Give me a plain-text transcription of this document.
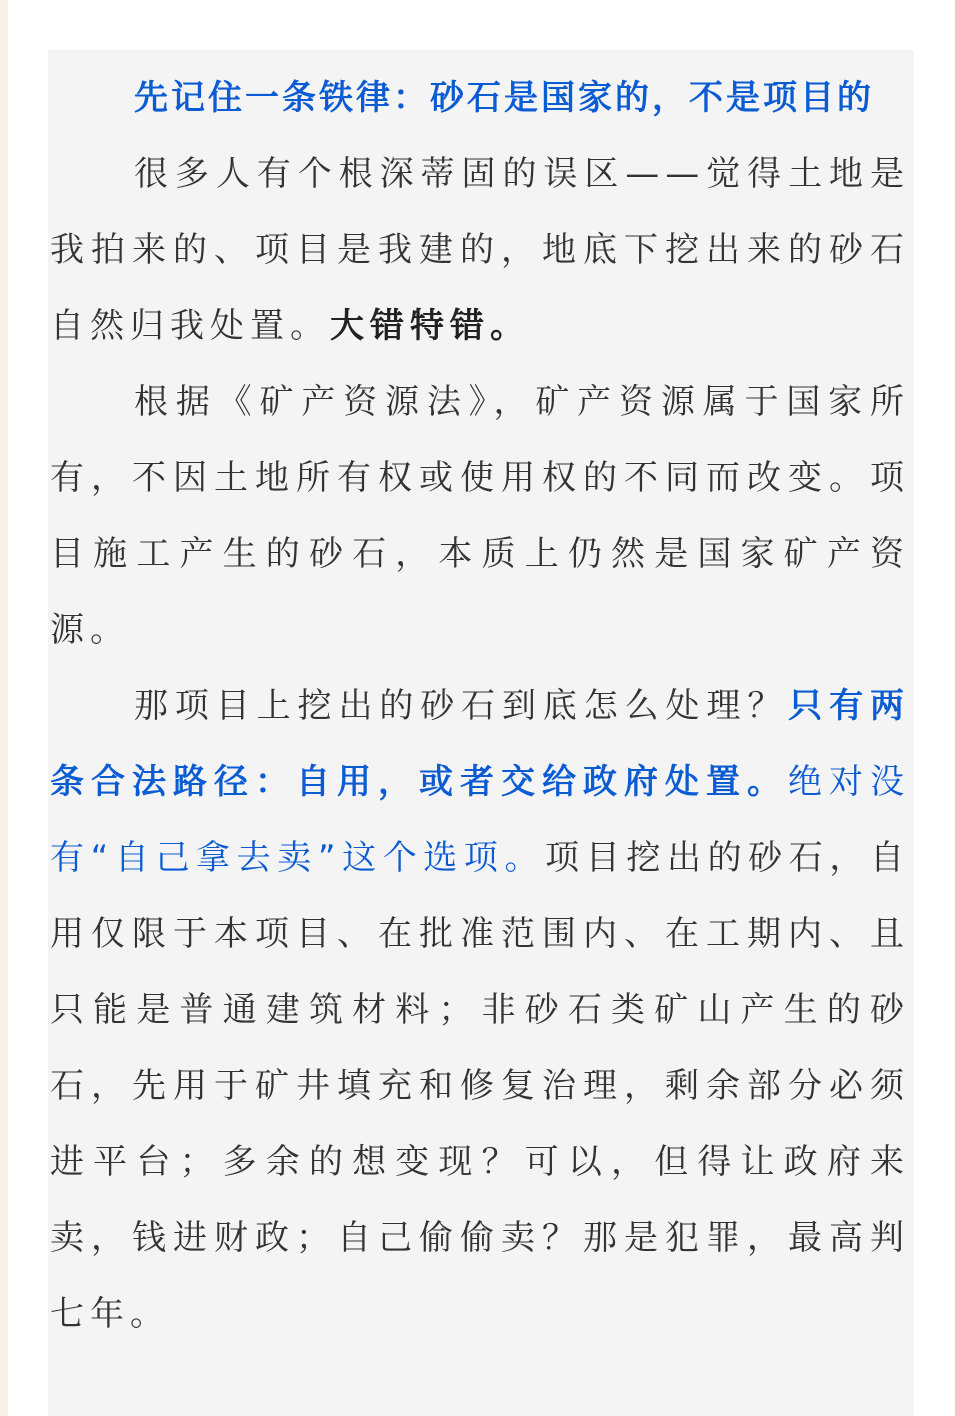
先记住一条铁律：砂石是国家的，不是项目的

很多人有个根深蒂固的误区——觉得土地是我拍来的、项目是我建的，地底下挖出来的砂石自然归我处置。大错特错。

根据《矿产资源法》，矿产资源属于国家所有，不因土地所有权或使用权的不同而改变。项目施工产生的砂石，本质上仍然是国家矿产资源。

那项目上挖出的砂石到底怎么处理？只有两条合法路径：自用，或者交给政府处置。绝对没有“自己拿去卖”这个选项。项目挖出的砂石，自用仅限于本项目、在批准范围内、在工期内、且只能是普通建筑材料；非砂石类矿山产生的砂石，先用于矿井填充和修复治理，剩余部分必须进平台；多余的想变现？可以，但得让政府来卖，钱进财政；自己偷偷卖？那是犯罪，最高判七年。
